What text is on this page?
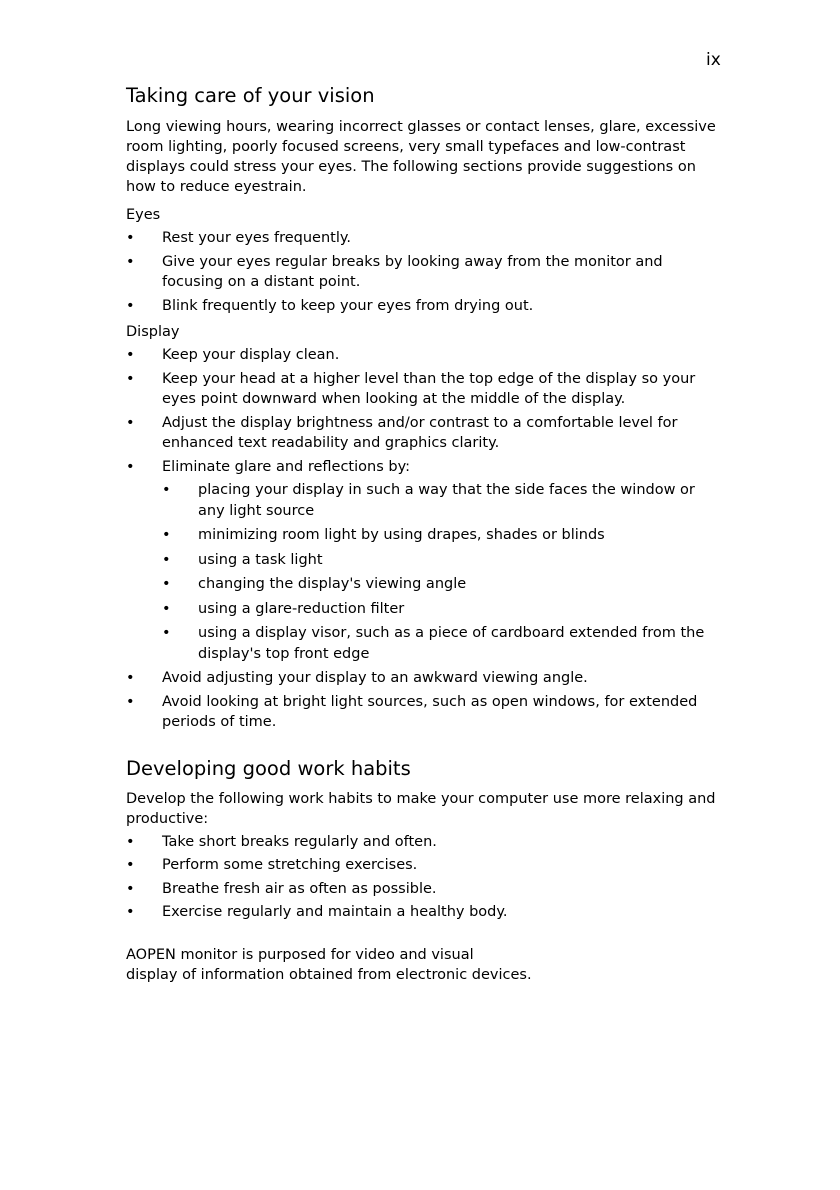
ix
Taking care of your vision

Long viewing hours, wearing incorrect glasses or contact lenses, glare, excessive room lighting, poorly focused screens, very small typefaces and low-contrast displays could stress your eyes. The following sections provide suggestions on how to reduce eyestrain.

Eyes

• Rest your eyes frequently.
• Give your eyes regular breaks by looking away from the monitor and focusing on a distant point.
• Blink frequently to keep your eyes from drying out.

Display

• Keep your display clean.
• Keep your head at a higher level than the top edge of the display so your eyes point downward when looking at the middle of the display.
• Adjust the display brightness and/or contrast to a comfortable level for enhanced text readability and graphics clarity.
• Eliminate glare and reflections by:
• placing your display in such a way that the side faces the window or any light source
• minimizing room light by using drapes, shades or blinds
• using a task light
• changing the display's viewing angle
• using a glare-reduction filter
• using a display visor, such as a piece of cardboard extended from the display's top front edge
• Avoid adjusting your display to an awkward viewing angle.
• Avoid looking at bright light sources, such as open windows, for extended periods of time.
Developing good work habits

Develop the following work habits to make your computer use more relaxing and productive:

• Take short breaks regularly and often.
• Perform some stretching exercises.
• Breathe fresh air as often as possible.
• Exercise regularly and maintain a healthy body.

AOPEN monitor is purposed for video and visual

display of information obtained from electronic devices.
